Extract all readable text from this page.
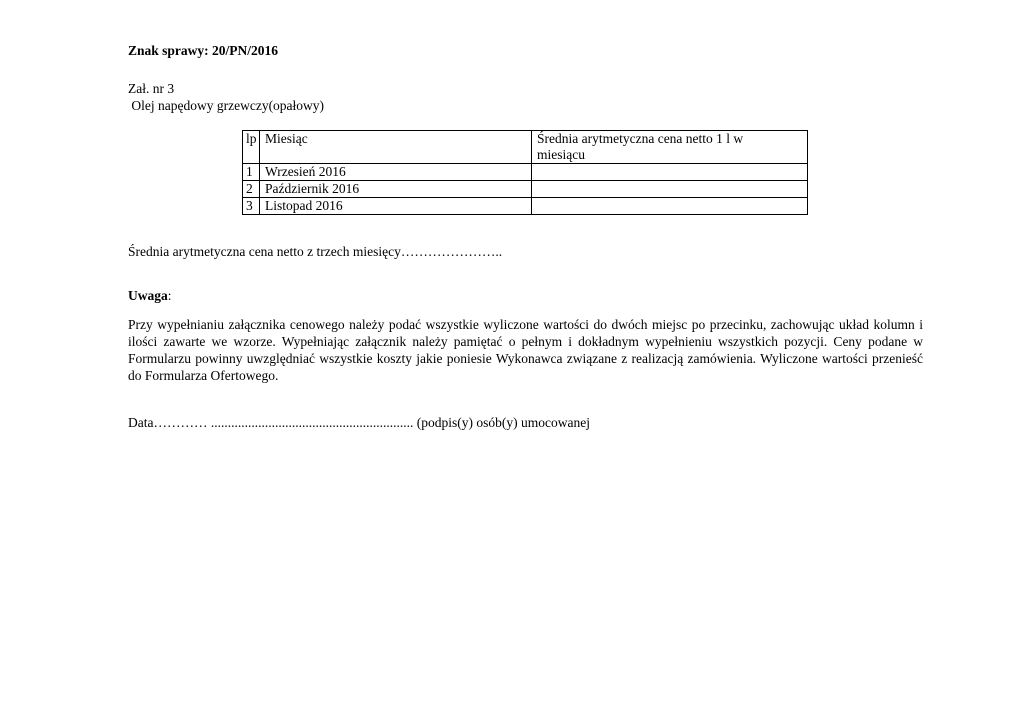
Znak sprawy: 20/PN/2016
Zał. nr 3
Olej napędowy grzewczy(opałowy)
lp	Miesiąc	Średnia arytmetyczna cena netto 1 l w miesiącu
1	Wrzesień 2016	
2	Październik 2016	
3	Listopad 2016	
Średnia arytmetyczna cena netto z trzech miesięcy…………………..
Uwaga:
Przy wypełnianiu załącznika cenowego należy podać wszystkie wyliczone wartości do dwóch miejsc po przecinku, zachowując układ kolumn i ilości zawarte we wzorze. Wypełniając załącznik należy pamiętać o pełnym i dokładnym wypełnieniu wszystkich pozycji. Ceny podane w Formularzu powinny uwzględniać wszystkie koszty jakie poniesie Wykonawca związane z realizacją zamówienia. Wyliczone wartości przenieść do Formularza Ofertowego.
Data………… ............................................................ (podpis(y) osób(y) umocowanej
